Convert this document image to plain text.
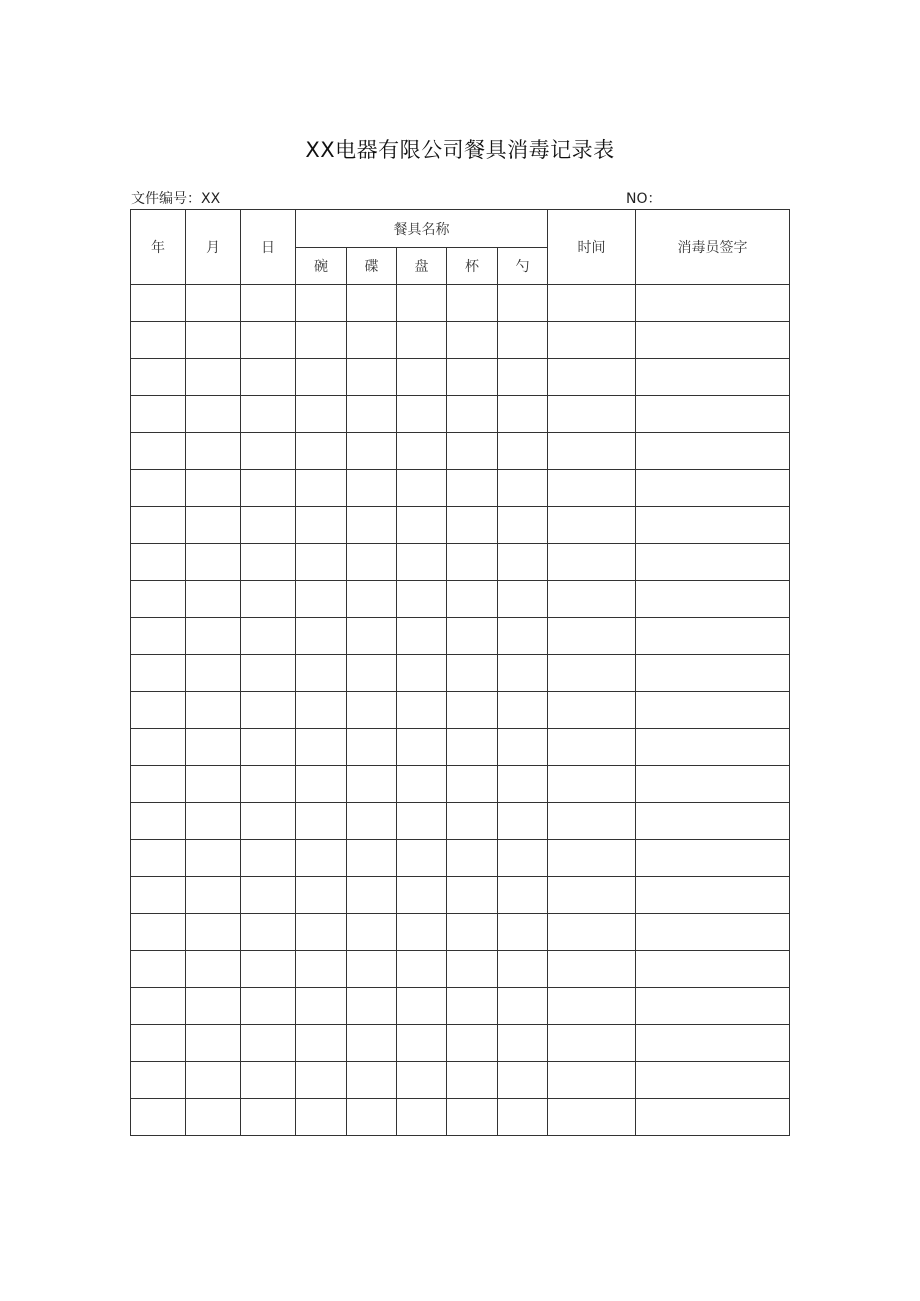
XX电器有限公司餐具消毒记录表
文件编号：XX	NO：
年	月	日	餐具名称					时间	消毒员签字
			碗	碟	盘	杯	勺		
